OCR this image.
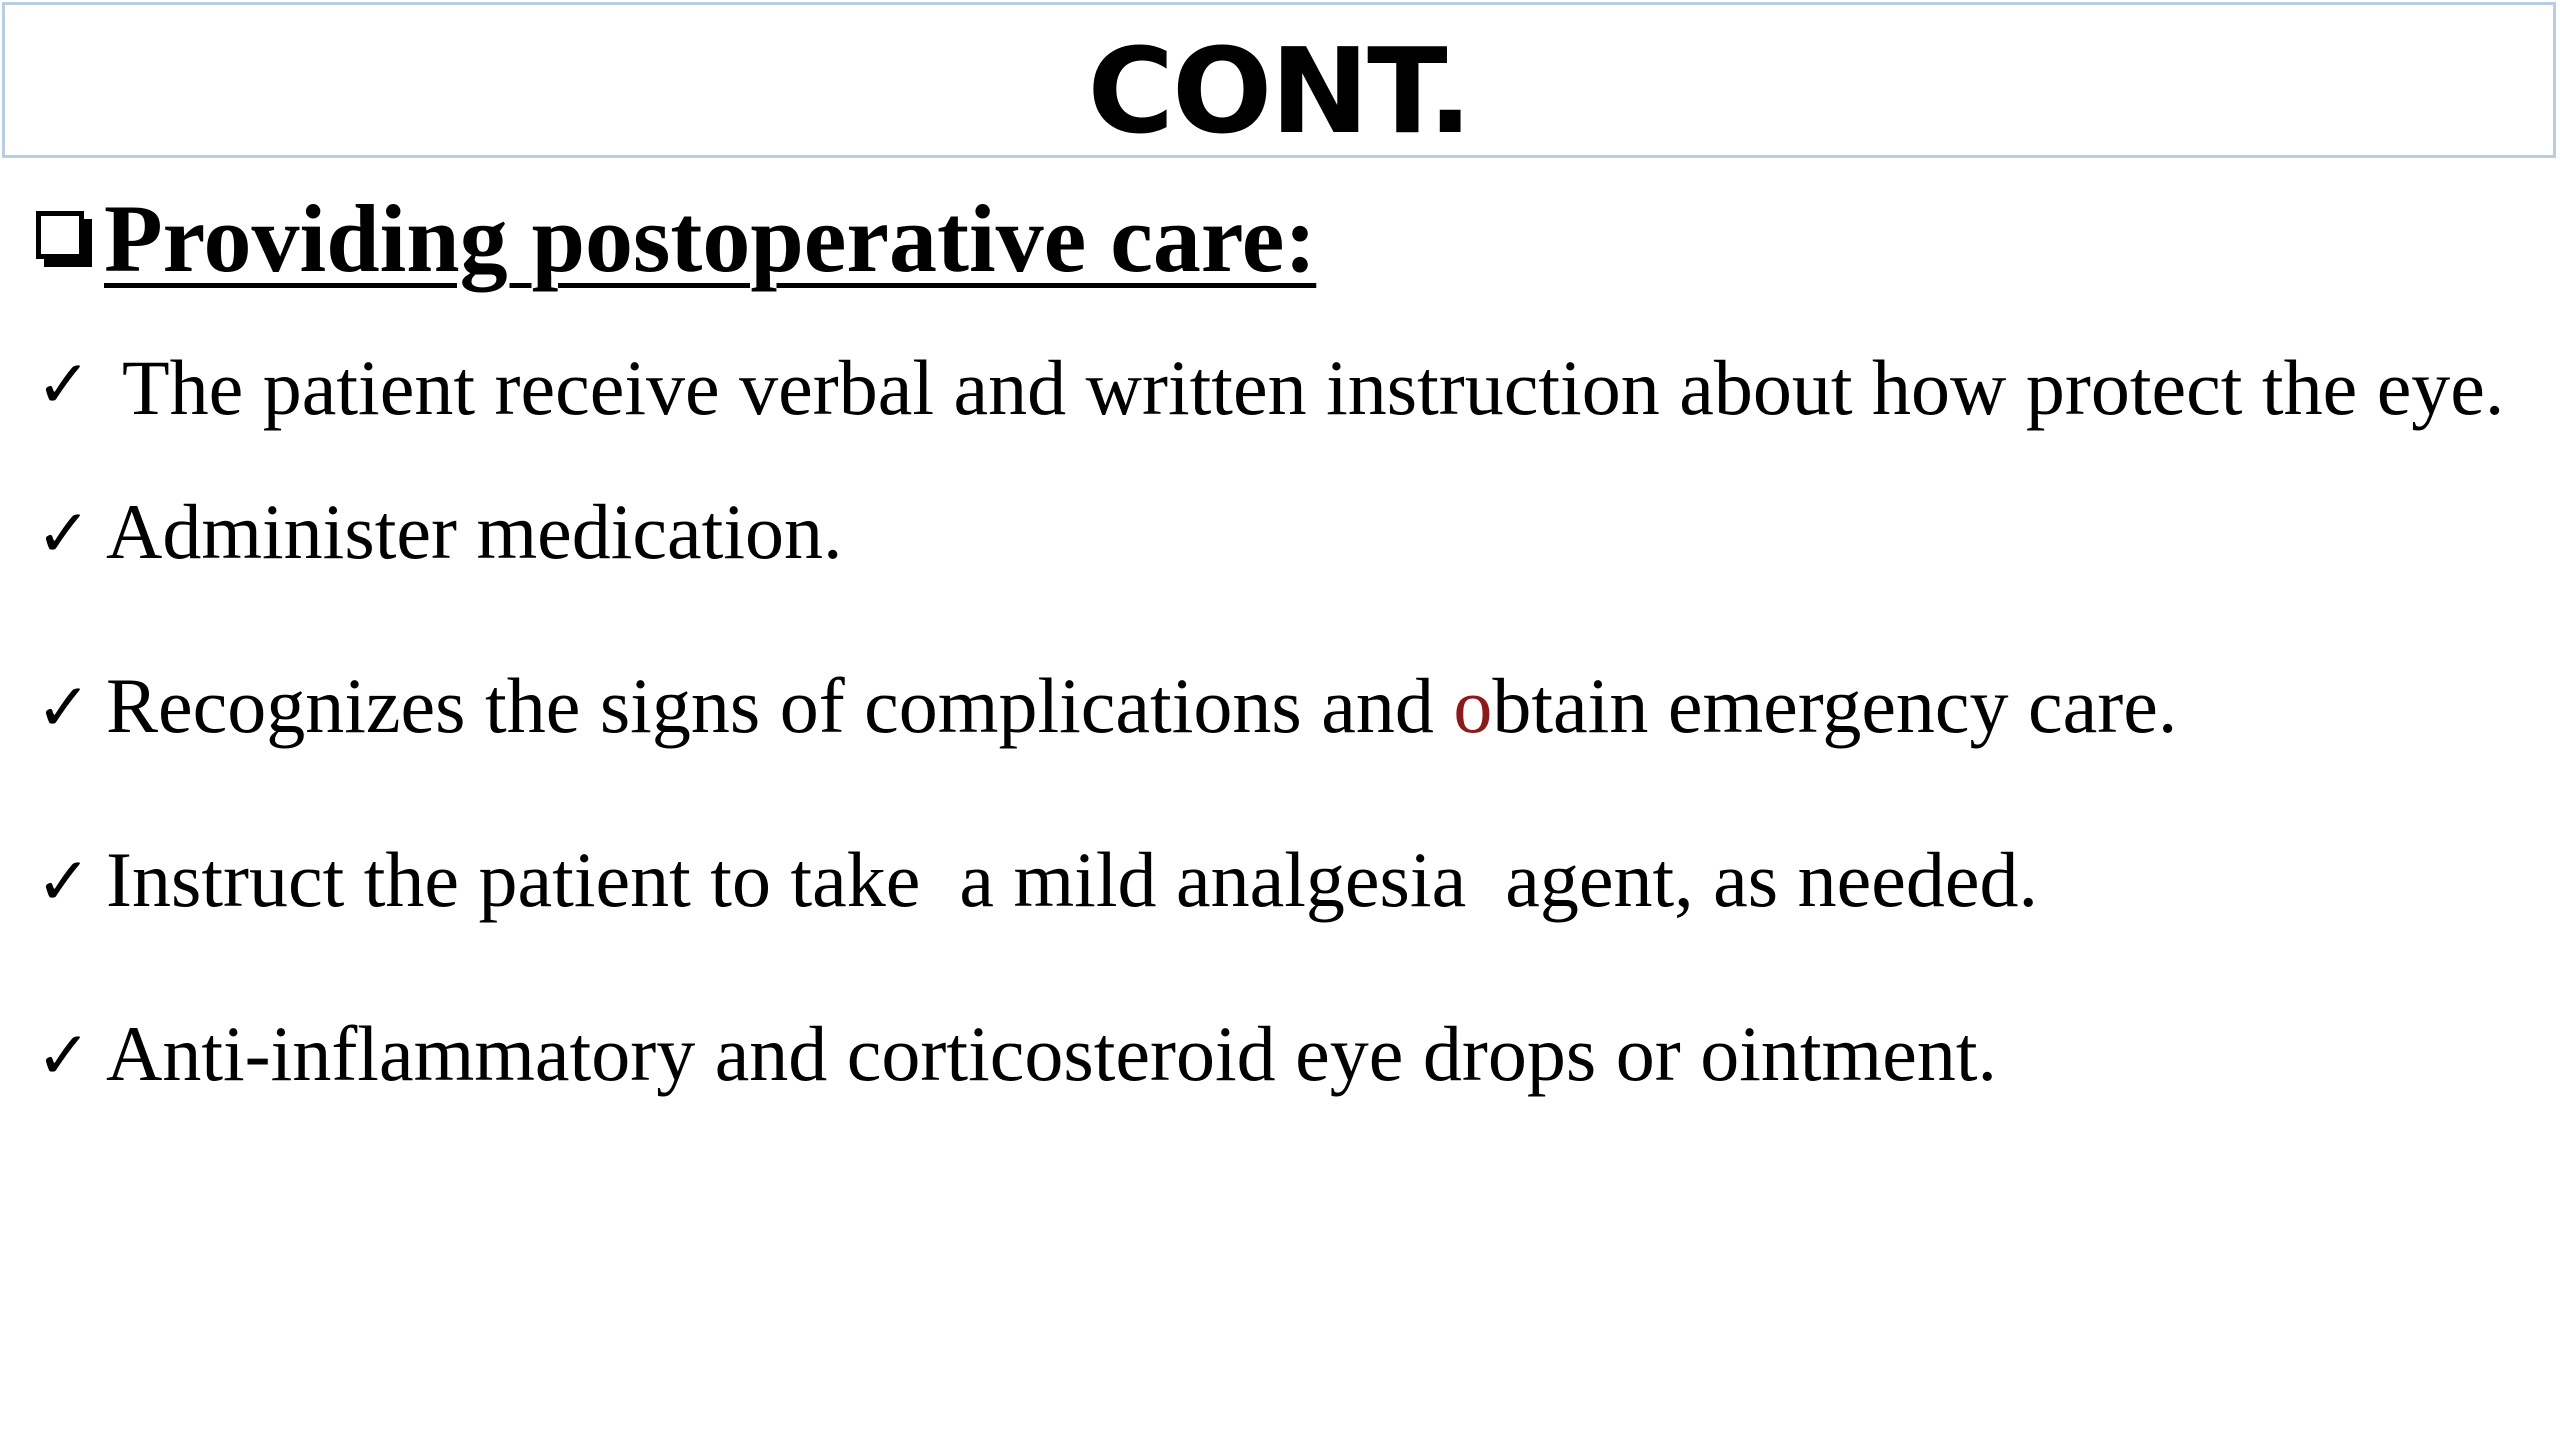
CONT.
Providing postoperative care:
✓ The patient receive verbal and written instruction about how protect the eye.
✓ Administer medication.
✓ Recognizes the signs of complications and obtain emergency care.
✓ Instruct the patient to take  a mild analgesia  agent, as needed.
✓ Anti-inflammatory and corticosteroid eye drops or ointment.
